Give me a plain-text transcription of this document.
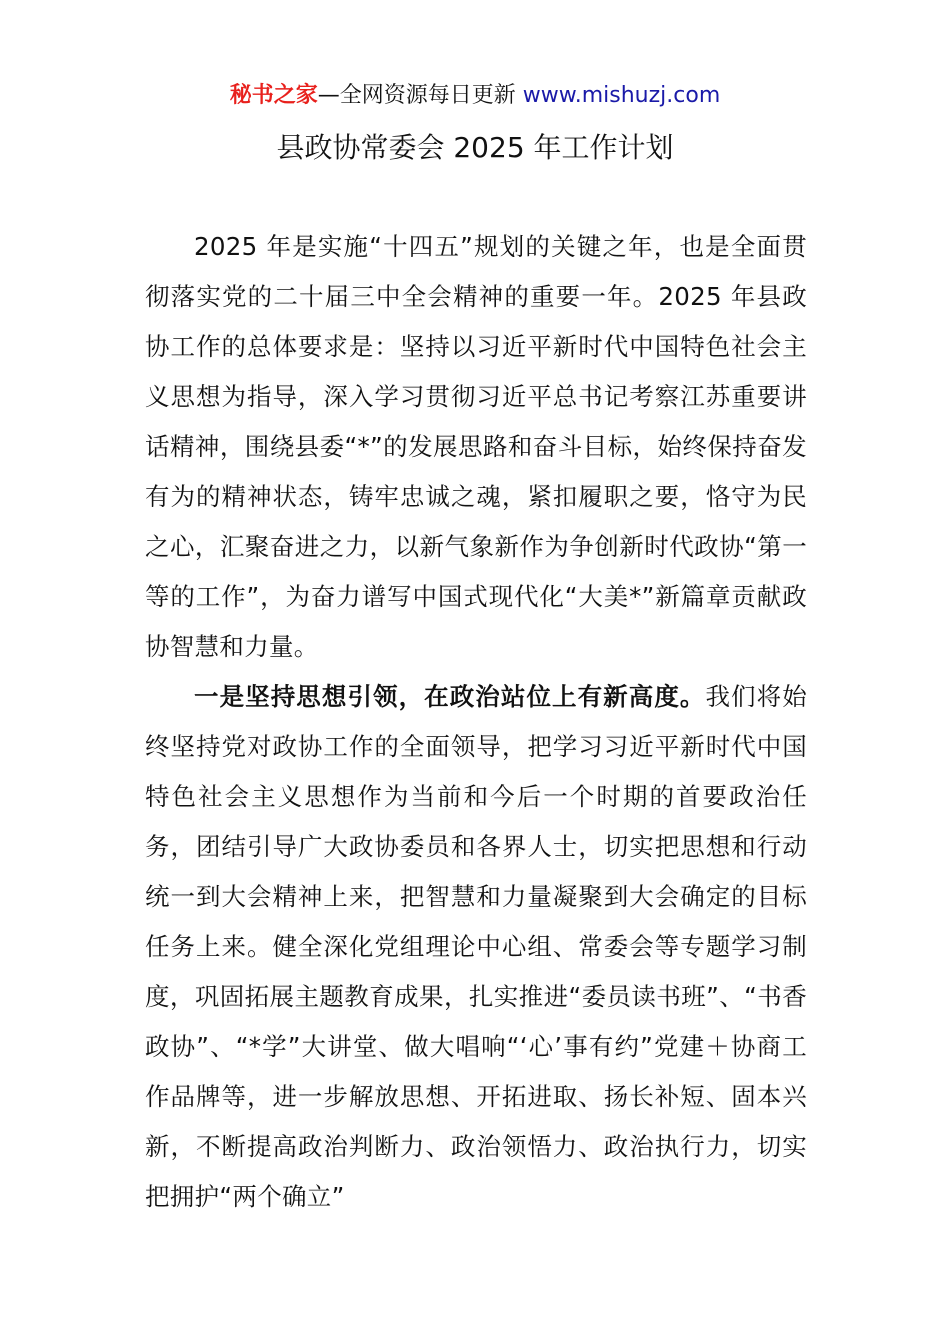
秘书之家—全网资源每日更新 www.mishuzj.com
县政协常委会 2025 年工作计划

2025 年是实施“十四五”规划的关键之年，也是全面贯彻落实党的二十届三中全会精神的重要一年。2025 年县政协工作的总体要求是：坚持以习近平新时代中国特色社会主义思想为指导，深入学习贯彻习近平总书记考察江苏重要讲话精神，围绕县委“*”的发展思路和奋斗目标，始终保持奋发有为的精神状态，铸牢忠诚之魂，紧扣履职之要，恪守为民之心，汇聚奋进之力，以新气象新作为争创新时代政协“第一等的工作”，为奋力谱写中国式现代化“大美*”新篇章贡献政协智慧和力量。

一是坚持思想引领，在政治站位上有新高度。我们将始终坚持党对政协工作的全面领导，把学习习近平新时代中国特色社会主义思想作为当前和今后一个时期的首要政治任务，团结引导广大政协委员和各界人士，切实把思想和行动统一到大会精神上来，把智慧和力量凝聚到大会确定的目标任务上来。健全深化党组理论中心组、常委会等专题学习制度，巩固拓展主题教育成果，扎实推进“委员读书班”、“书香政协”、“*学”大讲堂、做大唱响“‘心’事有约”党建＋协商工作品牌等，进一步解放思想、开拓进取、扬长补短、固本兴新，不断提高政治判断力、政治领悟力、政治执行力，切实把拥护“两个确立”
